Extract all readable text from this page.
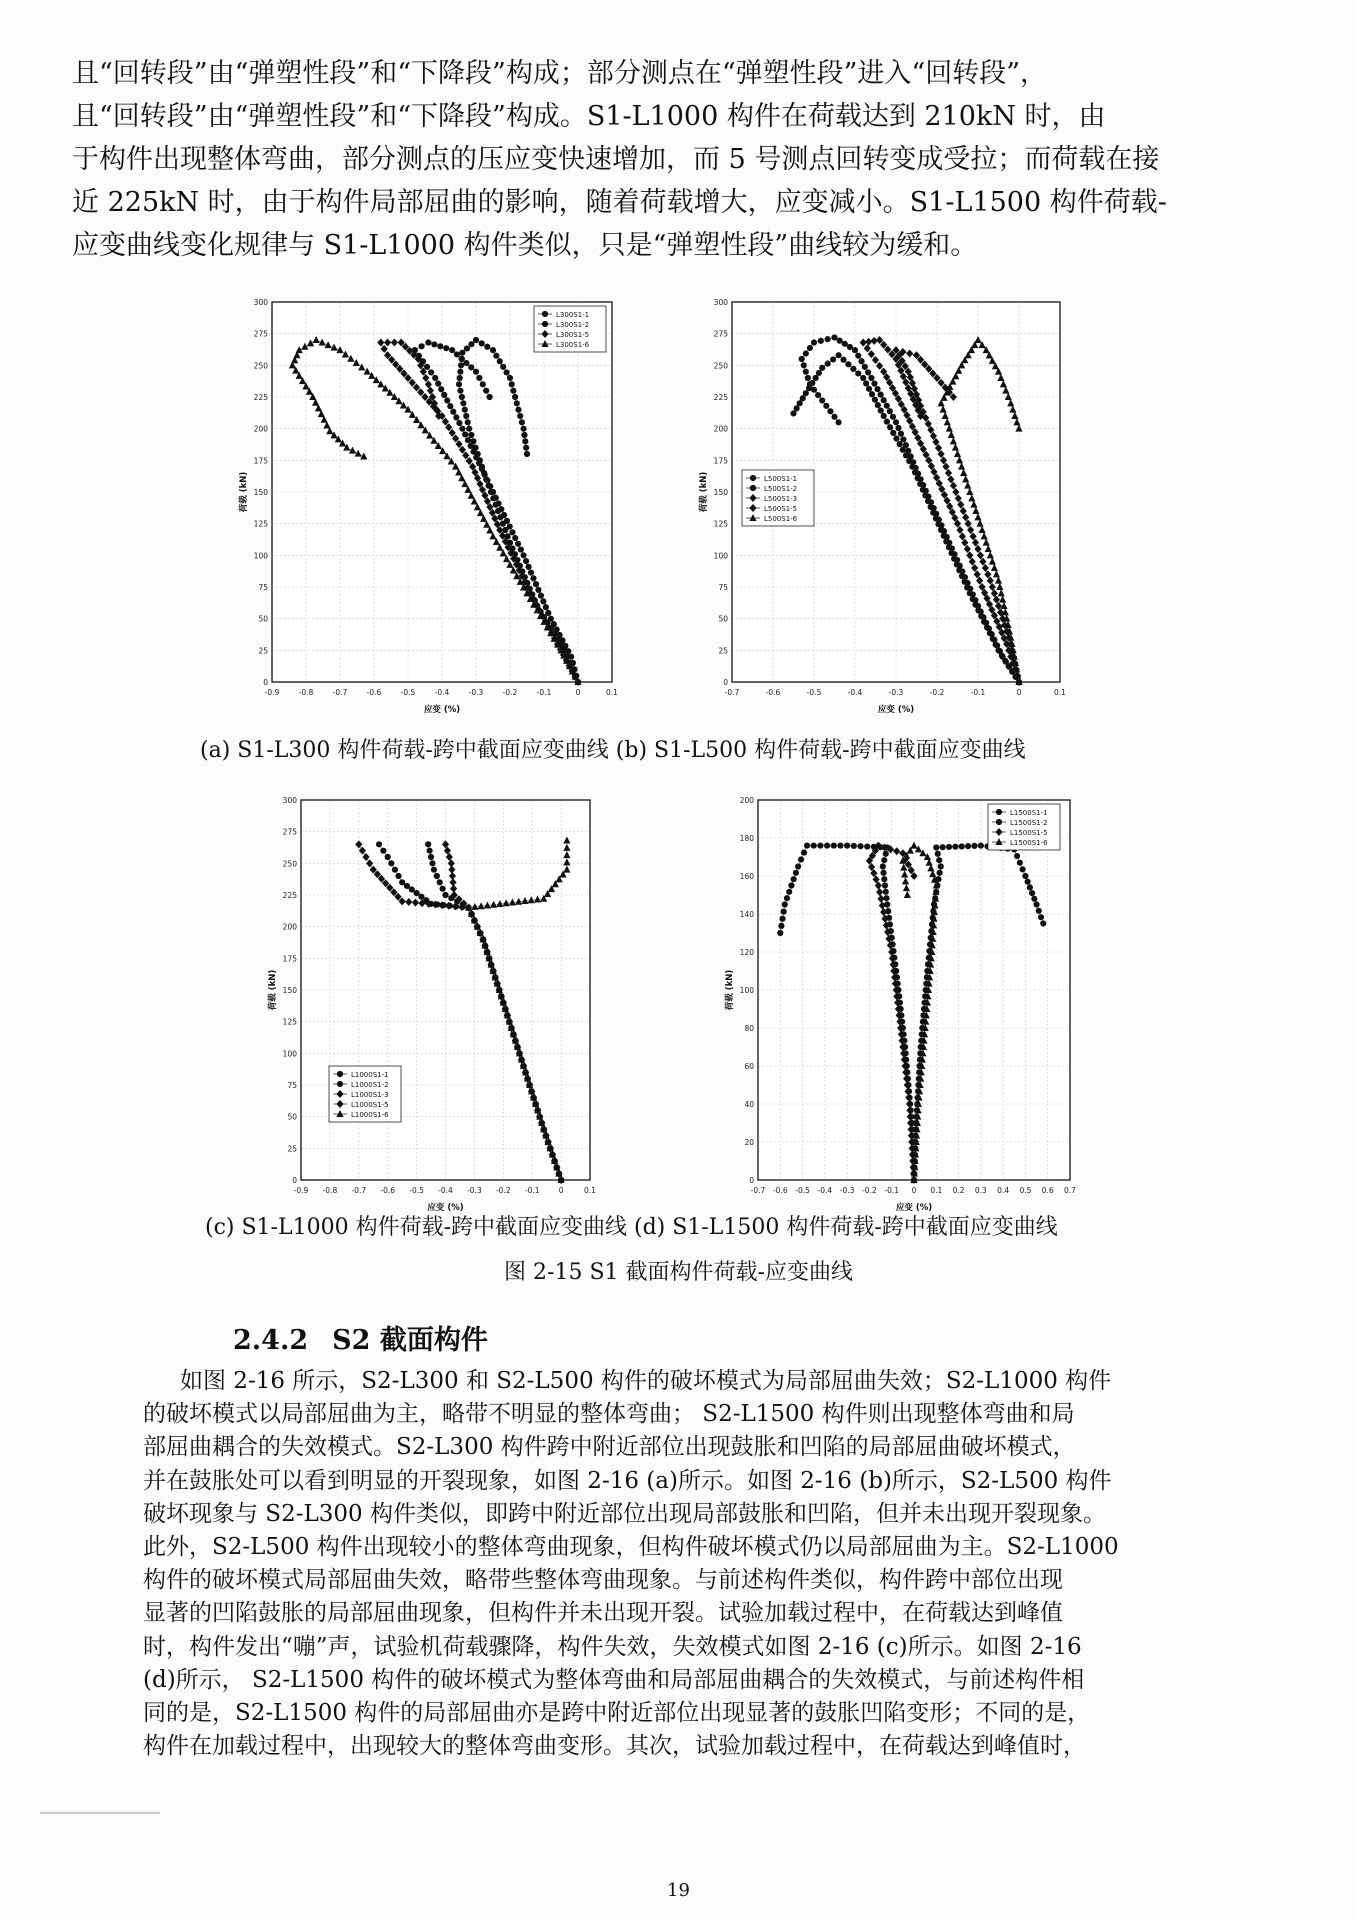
且“回转段”由“弹塑性段”和“下降段”构成；部分测点在“弹塑性段”进入“回转段”，
且“回转段”由“弹塑性段”和“下降段”构成。S1-L1000 构件在荷载达到 210kN 时，由
于构件出现整体弯曲，部分测点的压应变快速增加，而 5 号测点回转变成受拉；而荷载在接
近 225kN 时，由于构件局部屈曲的影响，随着荷载增大，应变减小。S1-L1500 构件荷载-
应变曲线变化规律与 S1-L1000 构件类似，只是“弹塑性段”曲线较为缓和。
-0.9	-0.8	-0.7	-0.6	-0.5	-0.4	-0.3	-0.2	-0.1	0	0.1
0
25
50
75
100
125
150
175
200
225
250
275
300
应变 (%)
荷载 (kN)
L300S1-1
L300S1-2
L300S1-5
L300S1-6
-0.7	-0.6	-0.5	-0.4	-0.3	-0.2	-0.1	0	0.1
0
25
50
75
100
125
150
175
200
225
250
275
300
应变 (%)
荷载 (kN)	L500S1-1
L500S1-2
L500S1-3
L500S1-5
L500S1-6
(a) S1-L300 构件荷载-跨中截面应变曲线 (b) S1-L500 构件荷载-跨中截面应变曲线
-0.9 -0.8 -0.7 -0.6 -0.5 -0.4 -0.3 -0.2 -0.1	0	0.1
0
25
50
75
100
125
150
175
200
225
250
275
300
应变 (%)
荷载 (kN)
L1000S1-1
L1000S1-2
L1000S1-3
L1000S1-5
L1000S1-6
-0.7 -0.6 -0.5 -0.4 -0.3 -0.2 -0.1 0 0.1 0.2 0.3 0.4 0.5 0.6 0.7
0
20
40
60
80
100
120
140
160
180
200
应变 (%)
荷载 (kN)
L1500S1-1
L1500S1-2
L1500S1-5
L1500S1-6
(c) S1-L1000 构件荷载-跨中截面应变曲线 (d) S1-L1500 构件荷载-跨中截面应变曲线
图 2-15 S1 截面构件荷载-应变曲线
2.4.2 S2 截面构件
如图 2-16 所示，S2-L300 和 S2-L500 构件的破坏模式为局部屈曲失效；S2-L1000 构件
的破坏模式以局部屈曲为主，略带不明显的整体弯曲； S2-L1500 构件则出现整体弯曲和局
部屈曲耦合的失效模式。S2-L300 构件跨中附近部位出现鼓胀和凹陷的局部屈曲破坏模式，
并在鼓胀处可以看到明显的开裂现象，如图 2-16 (a)所示。如图 2-16 (b)所示，S2-L500 构件
破坏现象与 S2-L300 构件类似，即跨中附近部位出现局部鼓胀和凹陷，但并未出现开裂现象。
此外，S2-L500 构件出现较小的整体弯曲现象，但构件破坏模式仍以局部屈曲为主。S2-L1000
构件的破坏模式局部屈曲失效，略带些整体弯曲现象。与前述构件类似，构件跨中部位出现
显著的凹陷鼓胀的局部屈曲现象，但构件并未出现开裂。试验加载过程中，在荷载达到峰值
时，构件发出“嘣”声，试验机荷载骤降，构件失效，失效模式如图 2-16 (c)所示。如图 2-16
(d)所示， S2-L1500 构件的破坏模式为整体弯曲和局部屈曲耦合的失效模式，与前述构件相
同的是，S2-L1500 构件的局部屈曲亦是跨中附近部位出现显著的鼓胀凹陷变形；不同的是，
构件在加载过程中，出现较大的整体弯曲变形。其次，试验加载过程中，在荷载达到峰值时，
19
